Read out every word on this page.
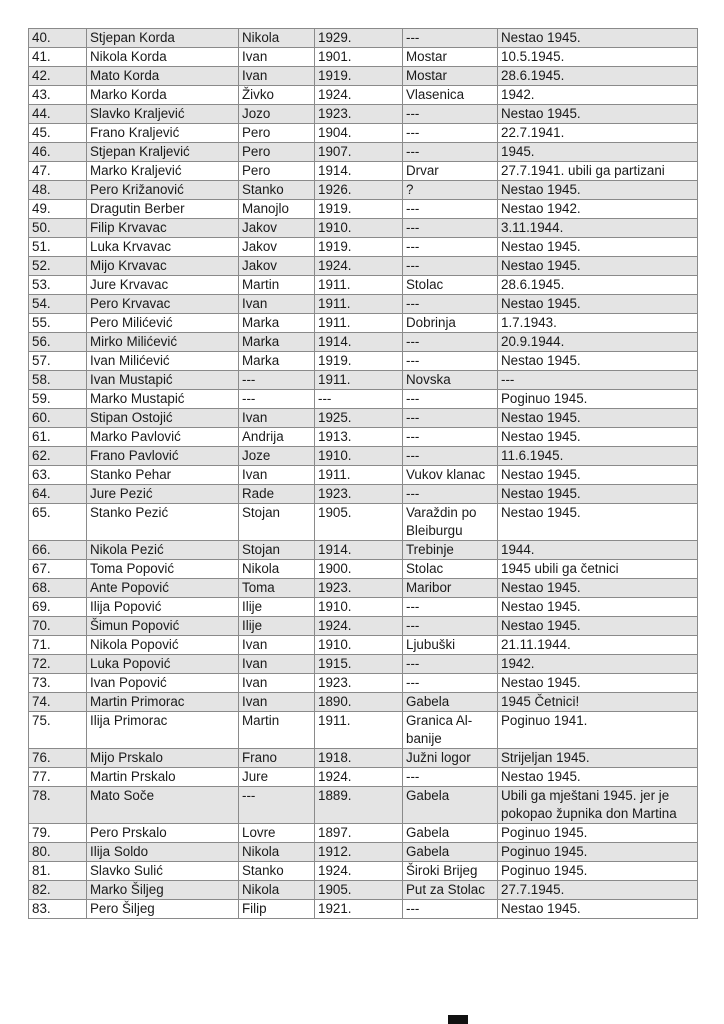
40.	Stjepan Korda	Nikola	1929.	---	Nestao 1945.
41.	Nikola Korda	Ivan	1901.	Mostar	10.5.1945.
42.	Mato Korda	Ivan	1919.	Mostar	28.6.1945.
43.	Marko Korda	Živko	1924.	Vlasenica	1942.
44.	Slavko Kraljević	Jozo	1923.	---	Nestao 1945.
45.	Frano Kraljević	Pero	1904.	---	22.7.1941.
46.	Stjepan Kraljević	Pero	1907.	---	1945.
47.	Marko Kraljević	Pero	1914.	Drvar	27.7.1941. ubili ga partizani
48.	Pero Križanović	Stanko	1926.	?	Nestao 1945.
49.	Dragutin Berber	Manojlo	1919.	---	Nestao 1942.
50.	Filip Krvavac	Jakov	1910.	---	3.11.1944.
51.	Luka Krvavac	Jakov	1919.	---	Nestao 1945.
52.	Mijo Krvavac	Jakov	1924.	---	Nestao 1945.
53.	Jure Krvavac	Martin	1911.	Stolac	28.6.1945.
54.	Pero Krvavac	Ivan	1911.	---	Nestao 1945.
55.	Pero Milićević	Marka	1911.	Dobrinja	1.7.1943.
56.	Mirko Milićević	Marka	1914.	---	20.9.1944.
57.	Ivan Milićević	Marka	1919.	---	Nestao 1945.
58.	Ivan Mustapić	---	1911.	Novska	---
59.	Marko Mustapić	---	---	---	Poginuo 1945.
60.	Stipan Ostojić	Ivan	1925.	---	Nestao 1945.
61.	Marko Pavlović	Andrija	1913.	---	Nestao 1945.
62.	Frano Pavlović	Joze	1910.	---	11.6.1945.
63.	Stanko Pehar	Ivan	1911.	Vukov klanac	Nestao 1945.
64.	Jure Pezić	Rade	1923.	---	Nestao 1945.
65.	Stanko Pezić	Stojan	1905.	Varaždin po Bleiburgu	Nestao 1945.
66.	Nikola Pezić	Stojan	1914.	Trebinje	1944.
67.	Toma Popović	Nikola	1900.	Stolac	1945 ubili ga četnici
68.	Ante Popović	Toma	1923.	Maribor	Nestao 1945.
69.	Ilija Popović	Ilije	1910.	---	Nestao 1945.
70.	Šimun Popović	Ilije	1924.	---	Nestao 1945.
71.	Nikola Popović	Ivan	1910.	Ljubuški	21.11.1944.
72.	Luka Popović	Ivan	1915.	---	1942.
73.	Ivan Popović	Ivan	1923.	---	Nestao 1945.
74.	Martin Primorac	Ivan	1890.	Gabela	1945 Četnici!
75.	Ilija Primorac	Martin	1911.	Granica Al-banije	Poginuo 1941.
76.	Mijo Prskalo	Frano	1918.	Južni logor	Strijeljan 1945.
77.	Martin Prskalo	Jure	1924.	---	Nestao 1945.
78.	Mato Soče	---	1889.	Gabela	Ubili ga mještani 1945. jer je pokopao župnika don Martina
79.	Pero Prskalo	Lovre	1897.	Gabela	Poginuo 1945.
80.	Ilija Soldo	Nikola	1912.	Gabela	Poginuo 1945.
81.	Slavko Sulić	Stanko	1924.	Široki Brijeg	Poginuo 1945.
82.	Marko Šiljeg	Nikola	1905.	Put za Stolac	27.7.1945.
83.	Pero Šiljeg	Filip	1921.	---	Nestao 1945.
